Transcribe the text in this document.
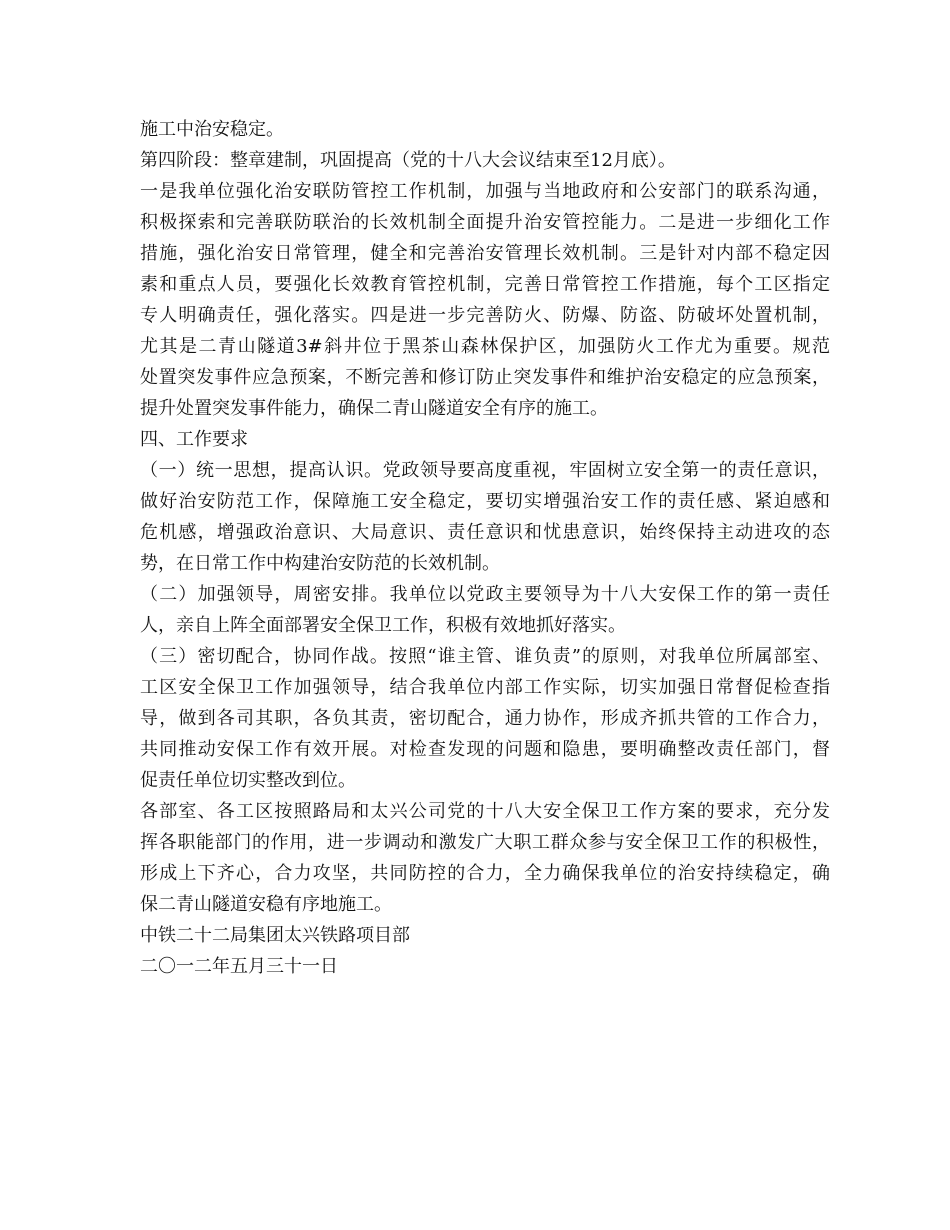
施工中治安稳定。
第四阶段：整章建制，巩固提高（党的十八大会议结束至12月底）。
一是我单位强化治安联防管控工作机制，加强与当地政府和公安部门的联系沟通，
积极探索和完善联防联治的长效机制全面提升治安管控能力。二是进一步细化工作
措施，强化治安日常管理，健全和完善治安管理长效机制。三是针对内部不稳定因
素和重点人员，要强化长效教育管控机制，完善日常管控工作措施，每个工区指定
专人明确责任，强化落实。四是进一步完善防火、防爆、防盗、防破坏处置机制，
尤其是二青山隧道3#斜井位于黑茶山森林保护区，加强防火工作尤为重要。规范
处置突发事件应急预案，不断完善和修订防止突发事件和维护治安稳定的应急预案，
提升处置突发事件能力，确保二青山隧道安全有序的施工。
四、工作要求
（一）统一思想，提高认识。党政领导要高度重视，牢固树立安全第一的责任意识，
做好治安防范工作，保障施工安全稳定，要切实增强治安工作的责任感、紧迫感和
危机感，增强政治意识、大局意识、责任意识和忧患意识，始终保持主动进攻的态
势，在日常工作中构建治安防范的长效机制。
（二）加强领导，周密安排。我单位以党政主要领导为十八大安保工作的第一责任
人，亲自上阵全面部署安全保卫工作，积极有效地抓好落实。
（三）密切配合，协同作战。按照“谁主管、谁负责”的原则，对我单位所属部室、
工区安全保卫工作加强领导，结合我单位内部工作实际，切实加强日常督促检查指
导，做到各司其职，各负其责，密切配合，通力协作，形成齐抓共管的工作合力，
共同推动安保工作有效开展。对检查发现的问题和隐患，要明确整改责任部门，督
促责任单位切实整改到位。
各部室、各工区按照路局和太兴公司党的十八大安全保卫工作方案的要求，充分发
挥各职能部门的作用，进一步调动和激发广大职工群众参与安全保卫工作的积极性，
形成上下齐心，合力攻坚，共同防控的合力，全力确保我单位的治安持续稳定，确
保二青山隧道安稳有序地施工。
中铁二十二局集团太兴铁路项目部
二〇一二年五月三十一日
